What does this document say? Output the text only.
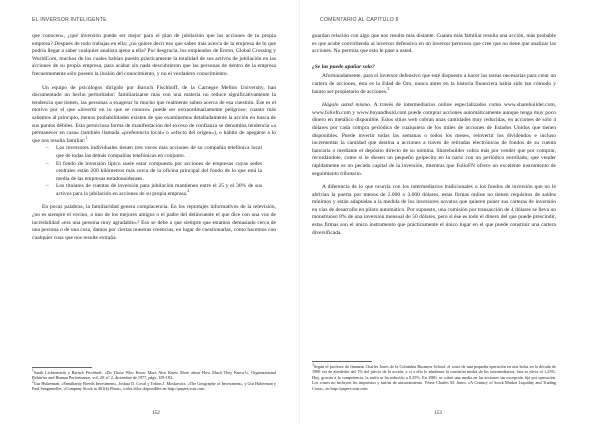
EL INVERSOR INTELIGENTE

que conocen», ¿qué inversión puede ser mejor para el plan de jubilación que las acciones de tu propia empresa? Después de todo trabajas en ella; ¿no quiere decir eso que sabes más acerca de la empresa de lo que podría llegar a saber cualquier analista ajeno a ella? Por desgracia, los empleados de Enron, Global Crossing y WorldCom, muchos de los cuales habían puesto prácticamente la totalidad de sus activos de jubilación en las acciones de su propia empresa, para acabar sin nada descubrieron que las personas de dentro de la empresa frecuentemente sólo poseen la ilusión del conocimiento, y no el verdadero conocimiento.

Un equipo de psicólogos dirigido por Baruch Fischhoff, de la Carnegie Mellon University, han documentado un hecho perturbador: familiarizarse más con una materia no reduce significativamente la tendencia que tienen, las personas a exagerar lo mucho que realmente saben acerca de esa cuestión. Ése es el motivo por el que «invertir en lo que se conoce» puede ser extraordinariamente peligroso; cuanto más sabemos al principio, menos probabilidades existen de que examinemos detalladamente la acción en busca de sus puntos débiles. Esta perniciosa forma de manifestación del exceso de confianza se denomina tendencia «a permanecer en casa» (también llamada «preferencia local» o «efecto del origen»), o hábito de apegarse a lo que nos resulta familiar:$^1$

– Los inversores individuales tienen tres veces más acciones de su compañía telefónica local que de todas las demás compañías telefónicas en conjunto.
– El fondo de inversión típico suele estar compuesto por acciones de empresas cuyas sedes centrales están 200 kilómetros más cerca de la oficina principal del fondo de lo que está la media de las empresas estadounidenses.
– Los titulares de cuentas de inversión para jubilación mantienen entre el 25 y el 30% de sus activos para la jubilación en acciones de su propia empresa.$^2$

En pocas palabras, la familiaridad genera complacencia. En los reportajes informativos de la televisión, ¿no es siempre el vecino, o uno de los mejores amigos o el padre del delincuente el que dice con una voz de incredulidad «era una persona muy agradable»? Eso se debe a que siempre que estamos demasiado cerca de una persona o de una cosa, damos por ciertas nuestras creencias, en lugar de cuestionarlas, como hacemos con cualquier cosa que nos resulte extraña.

$^1$Sarah Lichtenstein y Baruch Fischhoff, «Do Those Who Know More Also Know More about How Much They Know?», Organizational Behavior and Human Performance, vol. 20, n° 2, diciembre de 1977, págs. 159-183.

$^2$Gur Huberman, «Familiarity Breeds Investment», Joshua D. Coval y Tobias J. Moskowitz, «The Geography of Investment», y Gur Huberman y Paul Sengmueller, «Company Stock in 401(k) Plans», todos ellos disponibles en http://papers.ssrn.com.

152
COMENTARIO AL CAPÍTULO 8

guardan relación con algo que nos resulta más distante. Cuanto más familiar resulta una acción, más probable es que acabe convirtiendo al inversor defensivo en un inversor perezoso que cree que no tiene que analizar las acciones. No permita que esto le pase a usted.

¿Se las puede apañar solo?

Afortunadamente, para el inversor defensivo que esté dispuesto a hacer las tareas necesarias para crear un cartera de acciones, ésta es la Edad de Oro, nunca antes en la historia financiera había sido tan cómodo y barato ser propietario de acciones.$^3$

Hágalo usted mismo. A través de intermediarios online especializados como www.sharebuilder.com, www.foliofn.com y www.buyandhold.com puede comprar acciones automáticamente aunque tenga muy poco dinero en metálico disponible. Estos sitios web cobran unas cantidades muy reducidas, en acciones de sólo 4 dólares por cada compra periódica de cualquiera de los miles de acciones de Estados Unidos que tienen disponibles. Puede invertir todas las semanas o todos los meses, reinvertir los dividendos e incluso incrementar la cantidad que destina a acciones a través de retiradas electrónicas de fondos de su cuenta bancaria o mediante el depósito directo de su nómina. Sharebuilder cobra más por vender que por comprar, recordándole, como si le diesen un pequeño golpecito en la nariz con un periódico enrollado, que vender rápidamente es un pecado capital de la inversión, mientras que FolioFN ofrece un excelente instrumento de seguimiento tributario.

A diferencia de lo que ocurría con los intermediarios tradicionales o los fondos de inversión que no le abrirían la puerta por menos de 2.000 o 3.000 dólares, estas firmas online no tienen requisitos de saldos mínimos y están adaptadas a la medida de los inversores novatos que quieren poner sus carteras de inversión en vías de desarrollo en piloto automático. Por supuesto, una comisión por transacción de 4 dólares se lleva un monstruoso 8% de una inversión mensual de 50 dólares, pero si ése es todo el dinero del que puede prescindir, estas firmas son el único instrumento que prácticamente el único lugar en el que puede construir una cartera diversificada.

$^3$Según el profesor de finanzas Charles Jones de la Columbia Business School, el coste de una pequeña operación en una bolsa en la década de 1900 era de alrededor del 1% del precio de la acción, y si a ello le añadimos la comisión media de los intermediarios, ésta se eleva al 1,25%. Hoy, gracias a la competencia, la tarifa se ha reducido a 0,25%. En 1980, se cobró una media en las acciones sin excepción fija por operación. Los costes no incluyen los impuestos y tarifas de asesoramiento. Véase Charles M. Jones, «A Century of Stock Market Liquidity and Trading Costs», en http://papers.ssrn.com.

153
